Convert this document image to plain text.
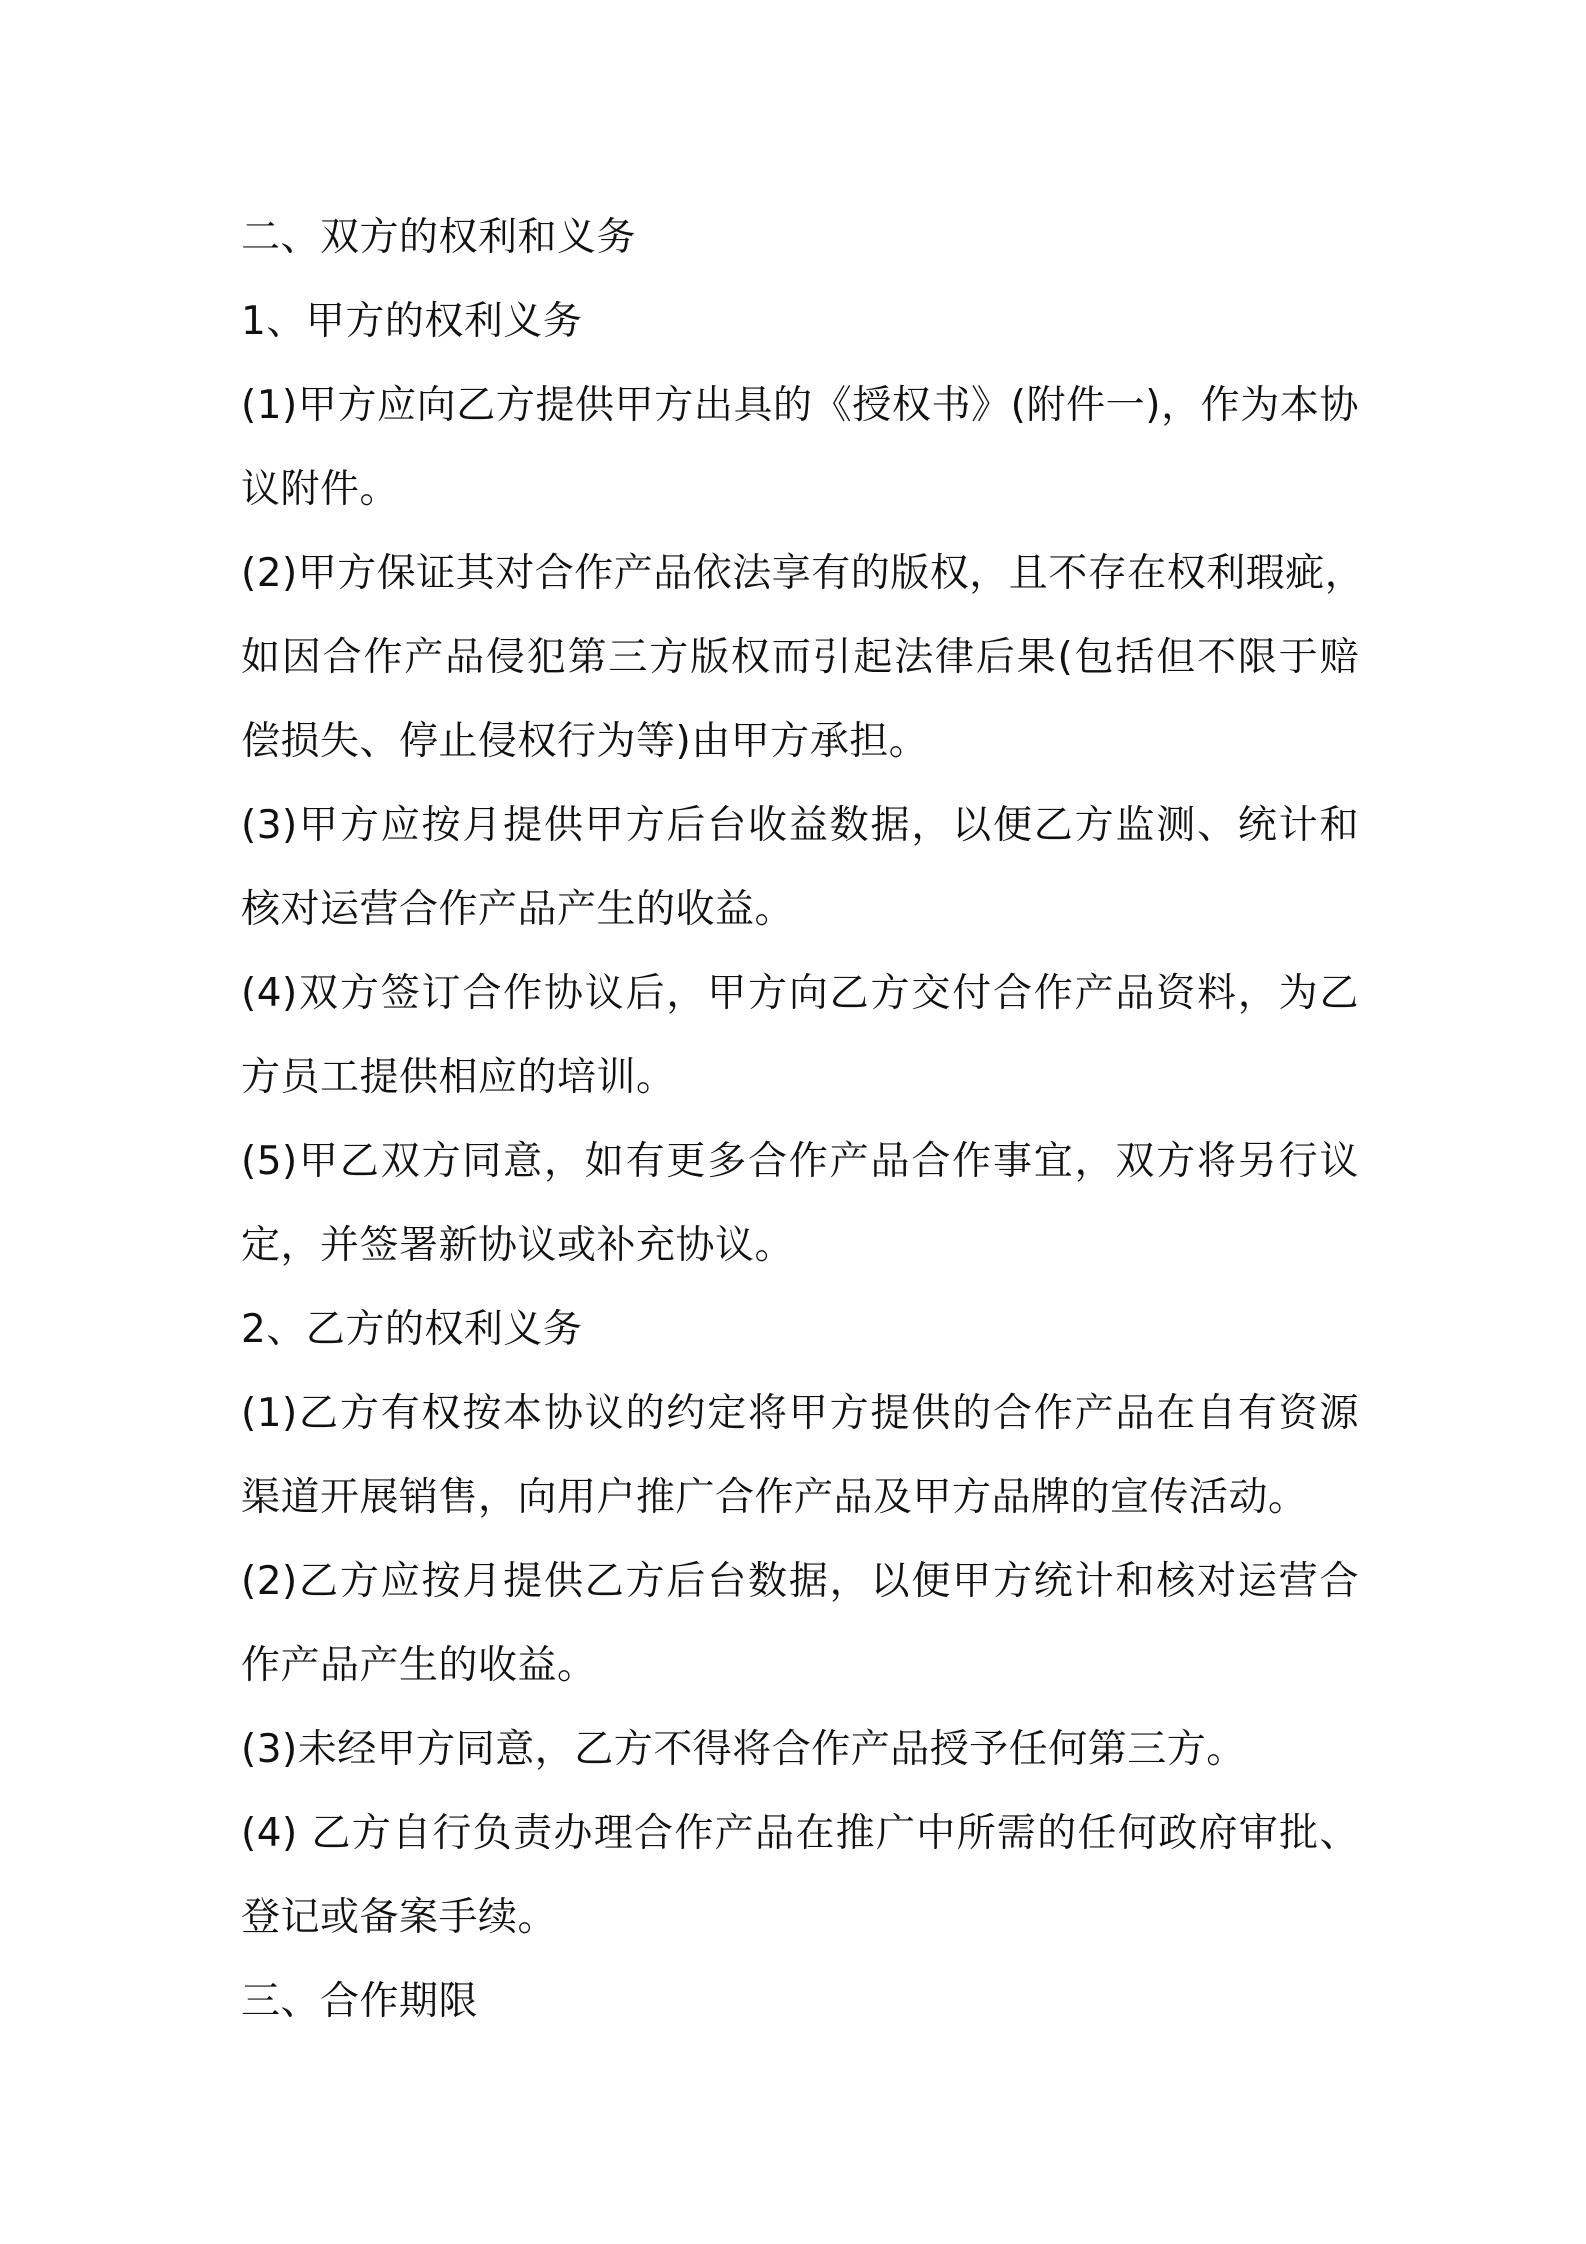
二、双方的权利和义务
1、甲方的权利义务
(1)甲方应向乙方提供甲方出具的《授权书》(附件一)，作为本协
议附件。
(2)甲方保证其对合作产品依法享有的版权，且不存在权利瑕疵，
如因合作产品侵犯第三方版权而引起法律后果(包括但不限于赔
偿损失、停止侵权行为等)由甲方承担。
(3)甲方应按月提供甲方后台收益数据，以便乙方监测、统计和
核对运营合作产品产生的收益。
(4)双方签订合作协议后，甲方向乙方交付合作产品资料，为乙
方员工提供相应的培训。
(5)甲乙双方同意，如有更多合作产品合作事宜，双方将另行议
定，并签署新协议或补充协议。
2、乙方的权利义务
(1)乙方有权按本协议的约定将甲方提供的合作产品在自有资源
渠道开展销售，向用户推广合作产品及甲方品牌的宣传活动。
(2)乙方应按月提供乙方后台数据，以便甲方统计和核对运营合
作产品产生的收益。
(3)未经甲方同意，乙方不得将合作产品授予任何第三方。
(4) 乙方自行负责办理合作产品在推广中所需的任何政府审批、
登记或备案手续。
三、合作期限
